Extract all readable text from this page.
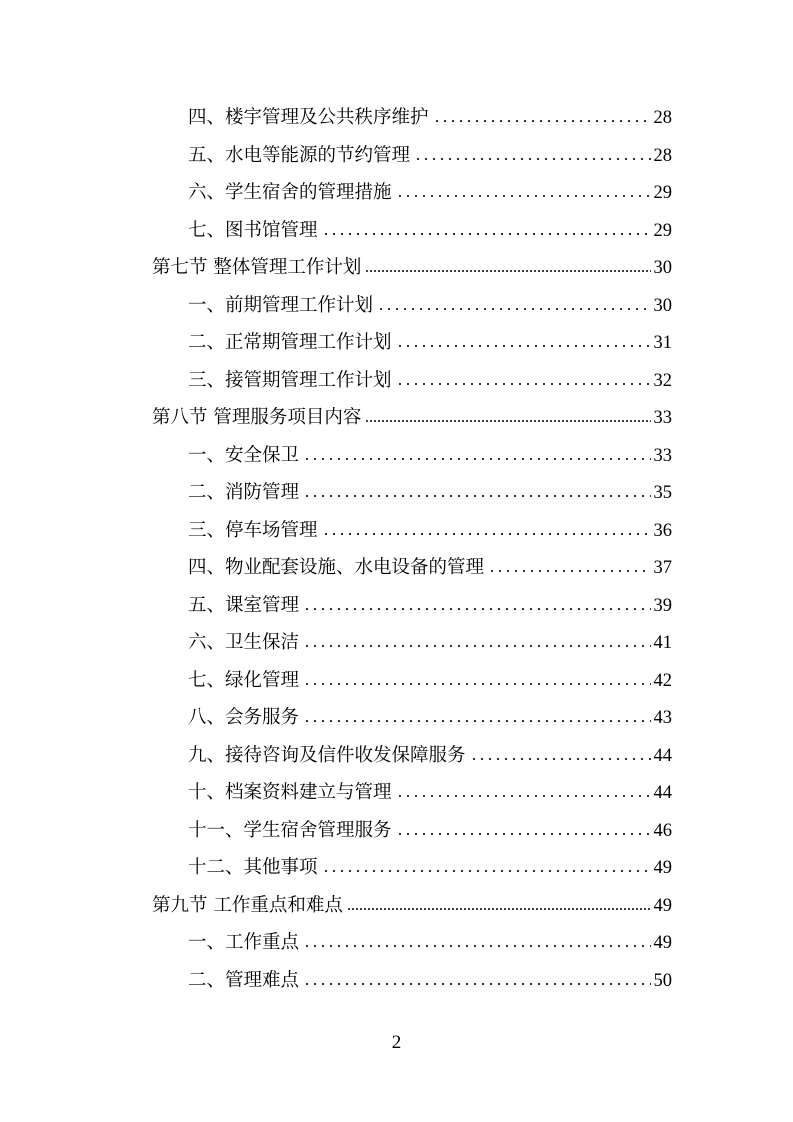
四、楼宇管理及公共秩序维护	28
五、水电等能源的节约管理	28
六、学生宿舍的管理措施	29
七、图书馆管理	29
第七节 整体管理工作计划	30
一、前期管理工作计划	30
二、正常期管理工作计划	31
三、接管期管理工作计划	32
第八节 管理服务项目内容	33
一、安全保卫	33
二、消防管理	35
三、停车场管理	36
四、物业配套设施、水电设备的管理	37
五、课室管理	39
六、卫生保洁	41
七、绿化管理	42
八、会务服务	43
九、接待咨询及信件收发保障服务	44
十、档案资料建立与管理	44
十一、学生宿舍管理服务	46
十二、其他事项	49
第九节 工作重点和难点	49
一、工作重点	49
二、管理难点	50
2
